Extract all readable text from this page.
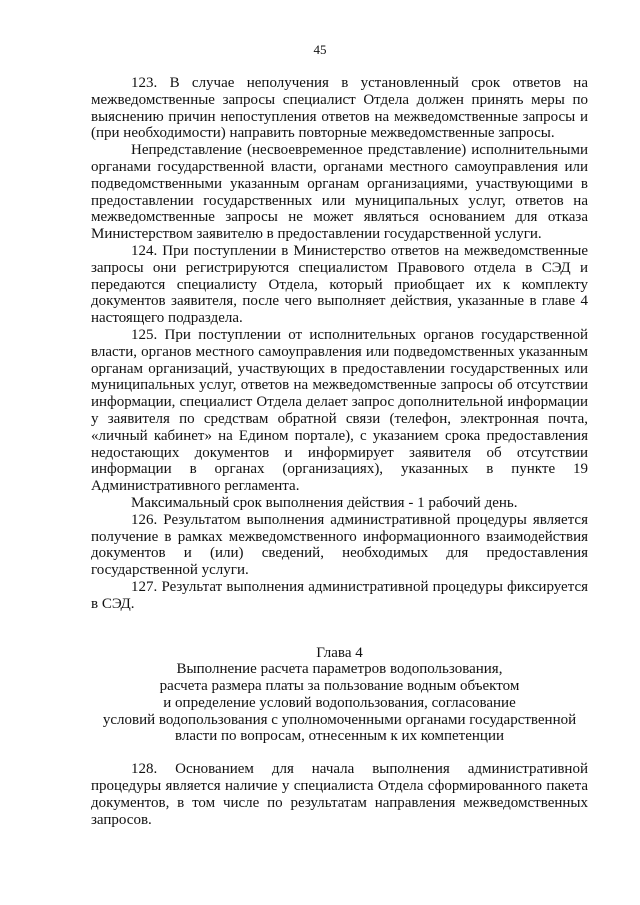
45

123. В случае неполучения в установленный срок ответов на межведомственные запросы специалист Отдела должен принять меры по выяснению причин непоступления ответов на межведомственные запросы и (при необходимости) направить повторные межведомственные запросы.

Непредставление (несвоевременное представление) исполнительными органами государственной власти, органами местного самоуправления или подведомственными указанным органам организациями, участвующими в предоставлении государственных или муниципальных услуг, ответов на межведомственные запросы не может являться основанием для отказа Министерством заявителю в предоставлении государственной услуги.

124. При поступлении в Министерство ответов на межведомственные запросы они регистрируются специалистом Правового отдела в СЭД и передаются специалисту Отдела, который приобщает их к комплекту документов заявителя, после чего выполняет действия, указанные в главе 4 настоящего подраздела.

125. При поступлении от исполнительных органов государственной власти, органов местного самоуправления или подведомственных указанным органам организаций, участвующих в предоставлении государственных или муниципальных услуг, ответов на межведомственные запросы об отсутствии информации, специалист Отдела делает запрос дополнительной информации у заявителя по средствам обратной связи (телефон, электронная почта, «личный кабинет» на Едином портале), с указанием срока предоставления недостающих документов и информирует заявителя об отсутствии информации в органах (организациях), указанных в пункте 19 Административного регламента.

Максимальный срок выполнения действия - 1 рабочий день.

126. Результатом выполнения административной процедуры является получение в рамках межведомственного информационного взаимодействия документов и (или) сведений, необходимых для предоставления государственной услуги.

127. Результат выполнения административной процедуры фиксируется в СЭД.

Глава 4

Выполнение расчета параметров водопользования,
расчета размера платы за пользование водным объектом
и определение условий водопользования, согласование
условий водопользования с уполномоченными органами государственной
власти по вопросам, отнесенным к их компетенции

128. Основанием для начала выполнения административной процедуры является наличие у специалиста Отдела сформированного пакета документов, в том числе по результатам направления межведомственных запросов.
